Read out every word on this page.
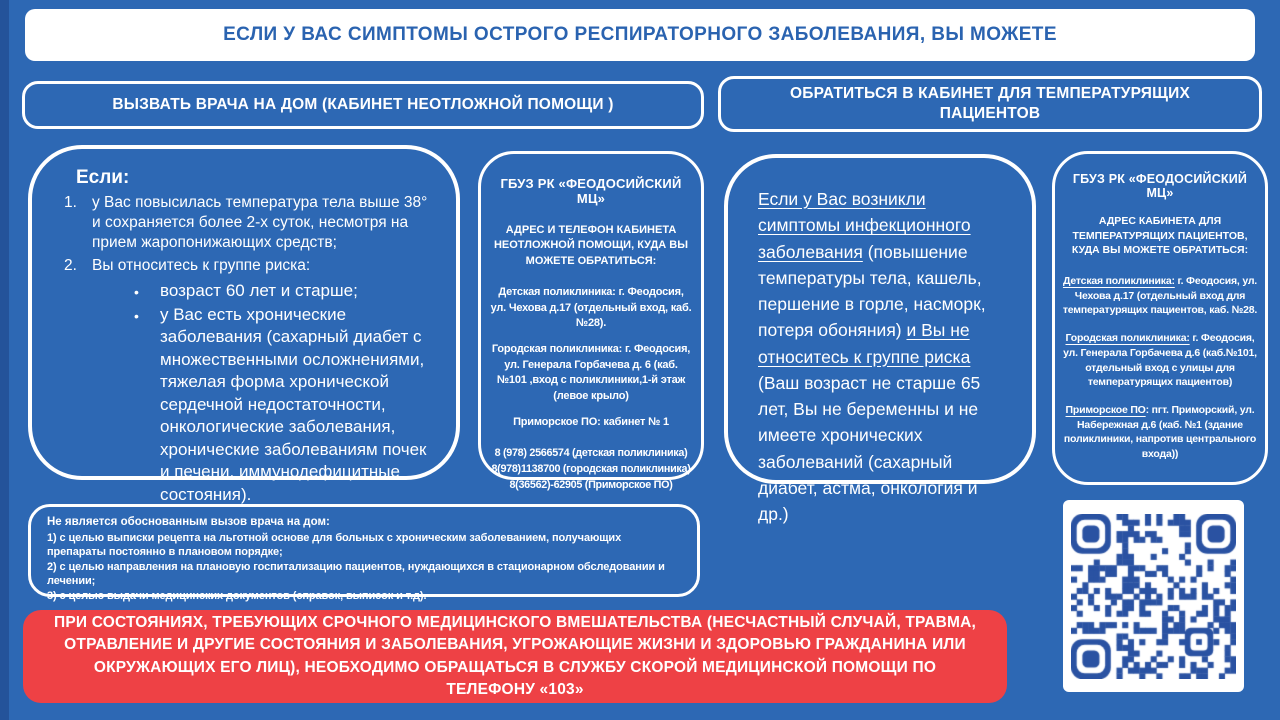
ЕСЛИ У ВАС СИМПТОМЫ ОСТРОГО РЕСПИРАТОРНОГО ЗАБОЛЕВАНИЯ, ВЫ МОЖЕТЕ
ВЫЗВАТЬ ВРАЧА НА ДОМ (КАБИНЕТ НЕОТЛОЖНОЙ ПОМОЩИ )
ОБРАТИТЬСЯ В КАБИНЕТ ДЛЯ ТЕМПЕРАТУРЯЩИХ ПАЦИЕНТОВ
Если:
1. у Вас повысилась температура тела выше 38° и сохраняется более 2-х суток, несмотря на прием жаропонижающих средств;
2. Вы относитесь к группе риска:
•	возраст 60 лет и старше;
•	у Вас есть хронические заболевания (сахарный диабет с множественными осложнениями, тяжелая форма хронической сердечной недостаточности, онкологические заболевания, хронические заболеваниям почек и печени, иммунодефицитные состояния).
ГБУЗ РК «ФЕОДОСИЙСКИЙ МЦ»
АДРЕС И ТЕЛЕФОН КАБИНЕТА НЕОТЛОЖНОЙ ПОМОЩИ, КУДА ВЫ МОЖЕТЕ ОБРАТИТЬСЯ:
Детская поликлиника: г. Феодосия, ул. Чехова д.17 (отдельный вход, каб. №28).
Городская поликлиника: г. Феодосия, ул. Генерала Горбачева д. 6 (каб.№101 ,вход с поликлиники,1-й этаж (левое крыло)
Приморское ПО: кабинет № 1
8 (978) 2566574 (детская поликлиника)
8(978)1138700 (городская поликлиника)
8(36562)-62905 (Приморское ПО)
Если у Вас возникли симптомы инфекционного заболевания (повышение температуры тела, кашель, першение в горле, насморк, потеря обоняния) и Вы не относитесь к группе риска (Ваш возраст не старше 65 лет, Вы не беременны и не имеете хронических заболеваний (сахарный диабет, астма, онкология и др.)
ГБУЗ РК «ФЕОДОСИЙСКИЙ МЦ»
АДРЕС КАБИНЕТА ДЛЯ ТЕМПЕРАТУРЯЩИХ ПАЦИЕНТОВ, КУДА ВЫ МОЖЕТЕ ОБРАТИТЬСЯ:
Детская поликлиника: г. Феодосия, ул. Чехова д.17 (отдельный вход для температурящих пациентов, каб. №28.
Городская поликлиника: г. Феодосия, ул. Генерала Горбачева д.6 (каб.№101, отдельный вход с улицы для температурящих пациентов)
Приморское ПО: пгт. Приморский, ул. Набережная д.6 (каб. №1 (здание поликлиники, напротив центрального входа))
Не является обоснованным вызов врача на дом:
1) с целью выписки рецепта на льготной основе для больных с хроническим заболеванием, получающих препараты постоянно в плановом порядке;
2) с целью направления на плановую госпитализацию пациентов, нуждающихся в стационарном обследовании и лечении;
3) с целью выдачи медицинских документов (справок, выписок и т.д).
ПРИ СОСТОЯНИЯХ, ТРЕБУЮЩИХ СРОЧНОГО МЕДИЦИНСКОГО ВМЕШАТЕЛЬСТВА (НЕСЧАСТНЫЙ СЛУЧАЙ, ТРАВМА, ОТРАВЛЕНИЕ И ДРУГИЕ СОСТОЯНИЯ И ЗАБОЛЕВАНИЯ, УГРОЖАЮЩИЕ ЖИЗНИ И ЗДОРОВЬЮ ГРАЖДАНИНА ИЛИ ОКРУЖАЮЩИХ ЕГО ЛИЦ), НЕОБХОДИМО ОБРАЩАТЬСЯ В СЛУЖБУ СКОРОЙ МЕДИЦИНСКОЙ ПОМОЩИ ПО ТЕЛЕФОНУ «103»
